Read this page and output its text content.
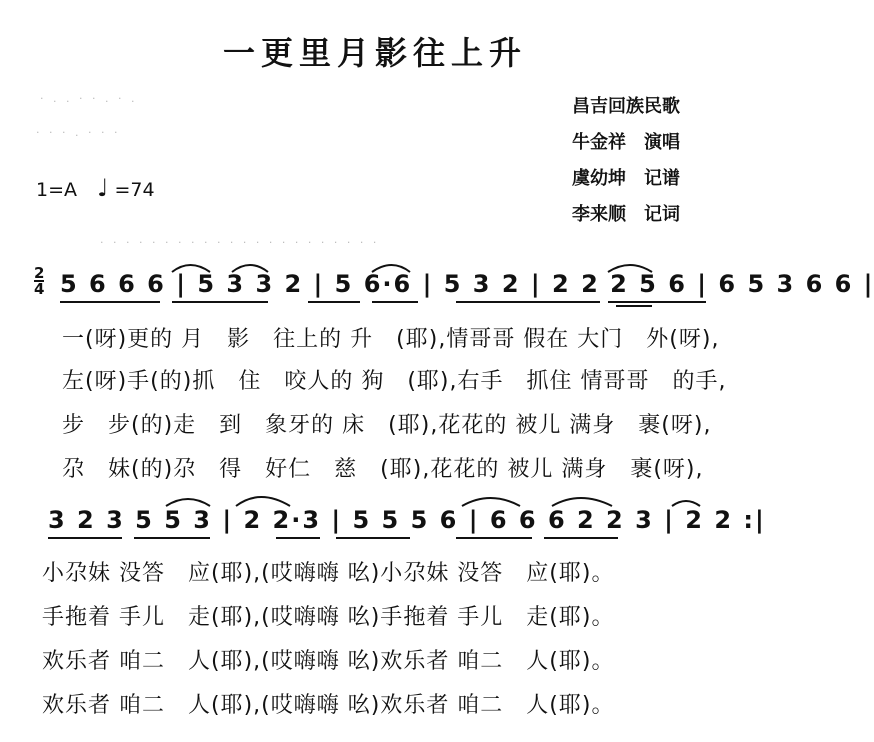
一更里月影往上升
昌吉回族民歌
牛金祥　演唱
虞幼坤　记谱
李来顺　记词
· . . · · . · .
· · · . · · ·
· · · · · · · · · · · · · · · · · · · · · ·
1=A ♩ =74
2
4 5 6 6 6 | 5 3 3 2 | 5 6·6 | 5 3 2 | 2 2 2 5 6 | 6 5 3 6 6 |
一(呀)更的 月　影　往上的 升　(耶),情哥哥 假在 大门　外(呀),
左(呀)手(的)抓　住　咬人的 狗　(耶),右手　抓住 情哥哥　的手,
步　步(的)走　到　象牙的 床　(耶),花花的 被儿 满身　裹(呀),
尕　妹(的)尕　得　好仁　慈　(耶),花花的 被儿 满身　裹(呀),
3 2 3 5 5 3 | 2 2·3 | 5 5 5 6 | 6 6 6 2 2 3 | 2 2 :|
小尕妹 没答　应(耶),(哎嗨嗨 吆)小尕妹 没答　应(耶)。
手拖着 手儿　走(耶),(哎嗨嗨 吆)手拖着 手儿　走(耶)。
欢乐者 咱二　人(耶),(哎嗨嗨 吆)欢乐者 咱二　人(耶)。
欢乐者 咱二　人(耶),(哎嗨嗨 吆)欢乐者 咱二　人(耶)。
